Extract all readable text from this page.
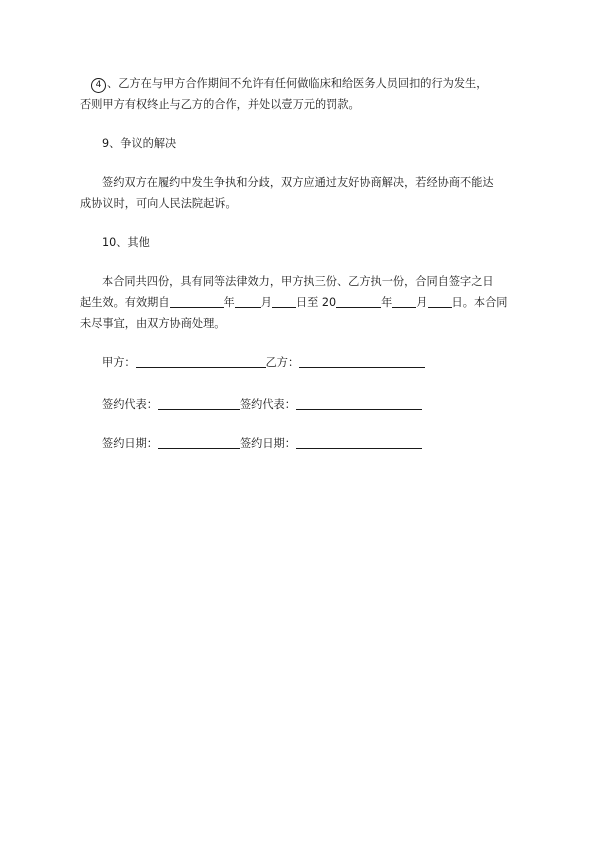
4 、乙方在与甲方合作期间不允许有任何做临床和给医务人员回扣的行为发生，
否则甲方有权终止与乙方的合作，并处以壹万元的罚款。
9、争议的解决
签约双方在履约中发生争执和分歧，双方应通过友好协商解决，若经协商不能达
成协议时，可向人民法院起诉。
10、其他
本合同共四份，具有同等法律效力，甲方执三份、乙方执一份，合同自签字之日
起生效。有效期自	年 月 日至 20	年 月 日。本合同
未尽事宜，由双方协商处理。
甲方：	乙方：
签约代表：	签约代表：
签约日期：	签约日期：
